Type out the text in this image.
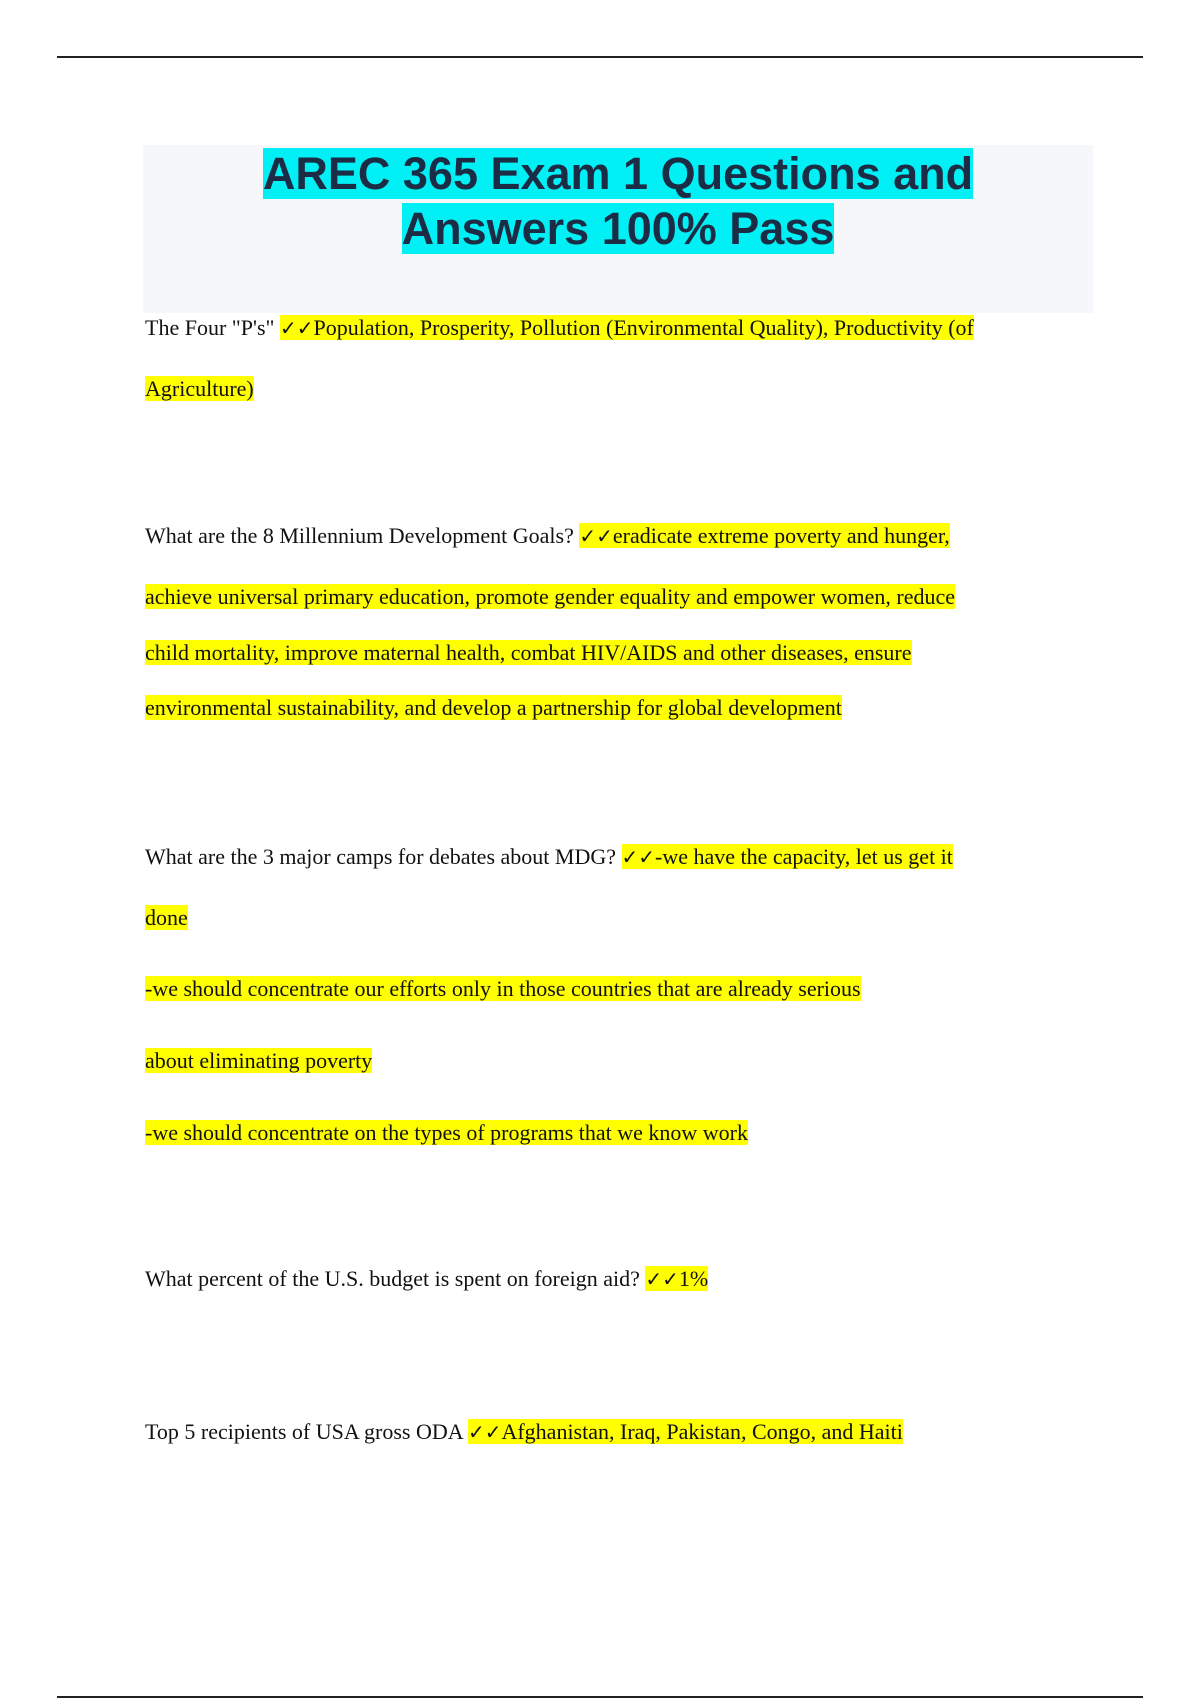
AREC 365 Exam 1 Questions and
Answers 100% Pass
The Four "P's" ✓✓Population, Prosperity, Pollution (Environmental Quality), Productivity (of
Agriculture)
What are the 8 Millennium Development Goals? ✓✓eradicate extreme poverty and hunger,
achieve universal primary education, promote gender equality and empower women, reduce
child mortality, improve maternal health, combat HIV/AIDS and other diseases, ensure
environmental sustainability, and develop a partnership for global development
What are the 3 major camps for debates about MDG? ✓✓-we have the capacity, let us get it
done
-we should concentrate our efforts only in those countries that are already serious
about eliminating poverty
-we should concentrate on the types of programs that we know work
What percent of the U.S. budget is spent on foreign aid? ✓✓1%
Top 5 recipients of USA gross ODA ✓✓Afghanistan, Iraq, Pakistan, Congo, and Haiti
